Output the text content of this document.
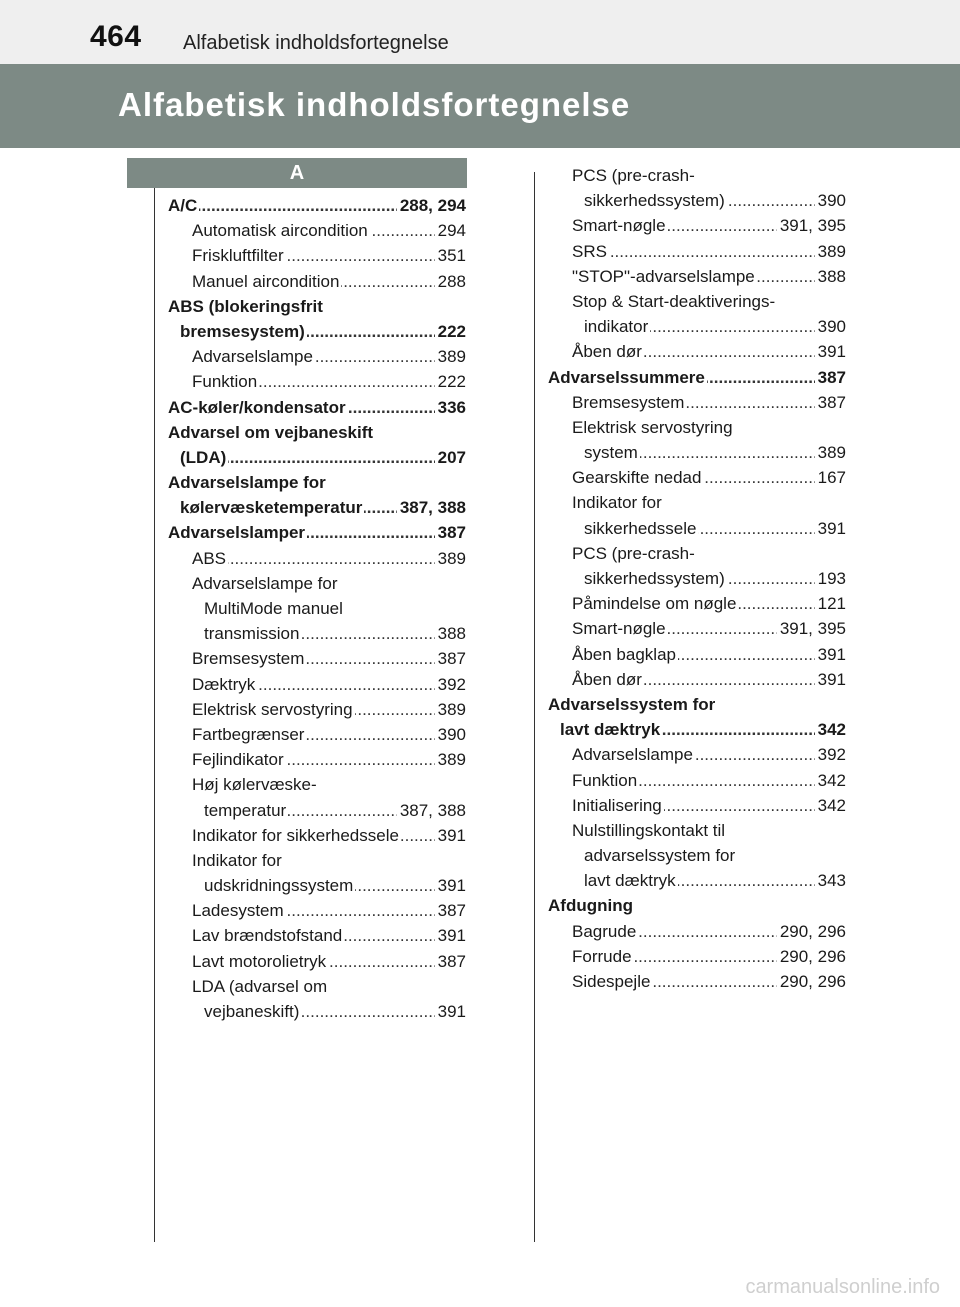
464 Alfabetisk indholdsfortegnelse
Alfabetisk indholdsfortegnelse
A
.....
A/C	288, 294
.....
Automatisk aircondition	294
.....
Friskluftfilter	351
.....
Manuel aircondition	288
ABS (blokeringsfrit
.....
bremsesystem)	222
.....
Advarselslampe	389
.....
Funktion	222
.....
AC-køler/kondensator	336
Advarsel om vejbaneskift
.....
(LDA)	207
Advarselslampe for
.....
kølervæsketemperatur 387, 388
.....
Advarselslamper	387
.....
ABS	389
Advarselslampe for
MultiMode manuel
.....
transmission	388
.....
Bremsesystem	387
.....
Dæktryk	392
.....
Elektrisk servostyring	389
.....
Fartbegrænser	390
.....
Fejlindikator	389
Høj kølervæske-
.....
temperatur	387, 388
.....
Indikator for sikkerhedssele 391
Indikator for
.....
udskridningssystem	391
.....
Ladesystem	387
.....
Lav brændstofstand	391
.....
Lavt motorolietryk	387
LDA (advarsel om
.....
vejbaneskift)	391
PCS (pre-crash-
.....
sikkerhedssystem)	390
.....
Smart-nøgle	391, 395
.....
SRS	389
.....
"STOP"-advarselslampe	388
Stop & Start-deaktiverings-
.....
indikator	390
.....
Åben dør	391
.....
Advarselssummere	387
.....
Bremsesystem	387
Elektrisk servostyring
.....
system	389
.....
Gearskifte nedad	167
Indikator for
.....
sikkerhedssele	391
PCS (pre-crash-
.....
sikkerhedssystem)	193
.....
Påmindelse om nøgle	121
.....
Smart-nøgle	391, 395
.....
Åben bagklap	391
.....
Åben dør	391
Advarselssystem for
.....
lavt dæktryk	342
.....
Advarselslampe	392
.....
Funktion	342
.....
Initialisering	342
Nulstillingskontakt til
advarselssystem for
.....
lavt dæktryk	343
Afdugning
.....
Bagrude	290, 296
.....
Forrude	290, 296
.....
Sidespejle	290, 296
carmanualsonline.info
